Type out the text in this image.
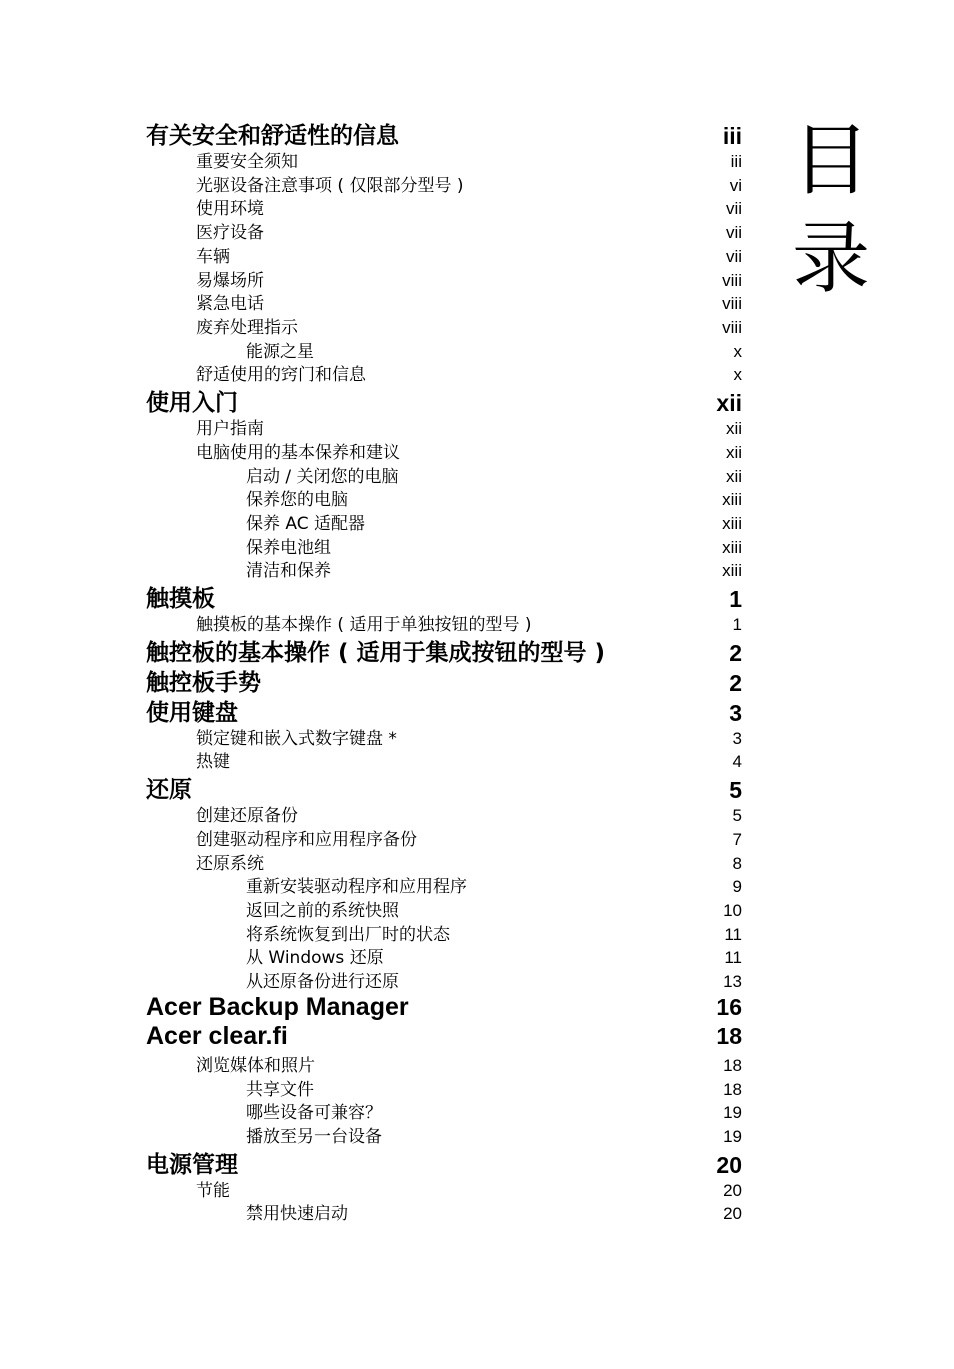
目
录
有关安全和舒适性的信息	iii
重要安全须知	iii
光驱设备注意事项 ( 仅限部分型号 )	vi
使用环境	vii
医疗设备	vii
车辆	vii
易爆场所	viii
紧急电话	viii
废弃处理指示	viii
能源之星	x
舒适使用的窍门和信息	x
使用入门	xii
用户指南	xii
电脑使用的基本保养和建议	xii
启动 / 关闭您的电脑	xii
保养您的电脑	xiii
保养 AC 适配器	xiii
保养电池组	xiii
清洁和保养	xiii
触摸板	1
触摸板的基本操作 ( 适用于单独按钮的型号 )	1
触控板的基本操作 ( 适用于集成按钮的型号 )	2
触控板手势	2
使用键盘	3
锁定键和嵌入式数字键盘 *	3
热键	4
还原	5
创建还原备份	5
创建驱动程序和应用程序备份	7
还原系统	8
重新安装驱动程序和应用程序	9
返回之前的系统快照	10
将系统恢复到出厂时的状态	11
从 Windows 还原	11
从还原备份进行还原	13
Acer Backup Manager	16
Acer clear.fi	18
浏览媒体和照片	18
共享文件	18
哪些设备可兼容？	19
播放至另一台设备	19
电源管理	20
节能	20
禁用快速启动	20
